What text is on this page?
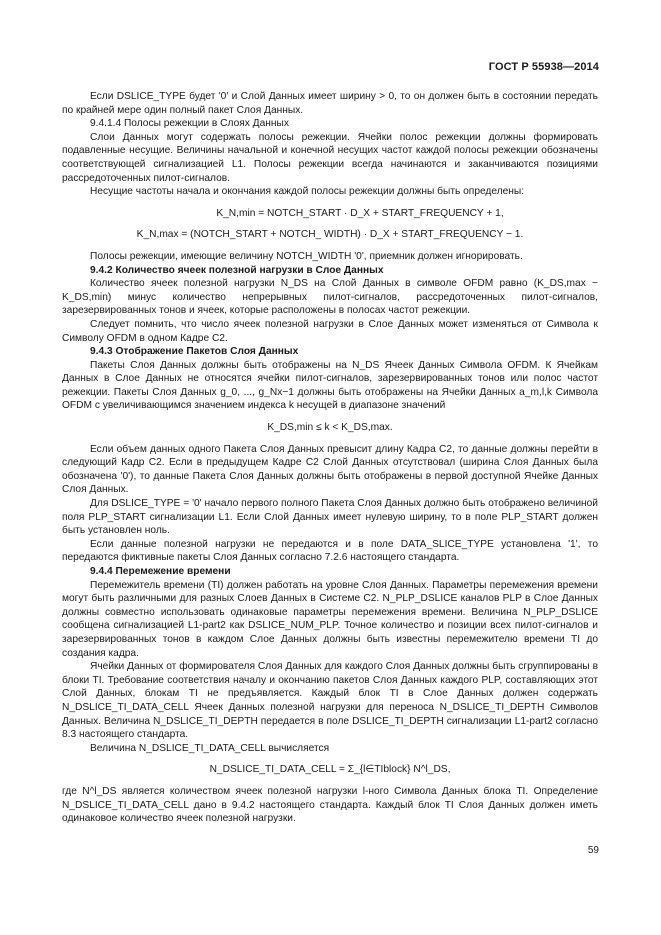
ГОСТ Р 55938—2014

Если DSLICE_TYPE будет '0' и Слой Данных имеет ширину > 0, то он должен быть в состоянии передать по крайней мере один полный пакет Слоя Данных.

9.4.1.4 Полосы режекции в Слоях Данных

Слои Данных могут содержать полосы режекции. Ячейки полос режекции должны формировать подавленные несущие. Величины начальной и конечной несущих частот каждой полосы режекции обозначены соответствующей сигнализацией L1. Полосы режекции всегда начинаются и заканчиваются позициями рассредоточенных пилот-сигналов.

Несущие частоты начала и окончания каждой полосы режекции должны быть определены:

K_N,min = NOTCH_START · D_X + START_FREQUENCY + 1,
K_N,max = (NOTCH_START + NOTCH_ WIDTH) · D_X + START_FREQUENCY − 1.

Полосы режекции, имеющие величину NOTCH_WIDTH '0', приемник должен игнорировать.

9.4.2 Количество ячеек полезной нагрузки в Слое Данных

Количество ячеек полезной нагрузки N_DS на Слой Данных в символе OFDM равно (K_DS,max − K_DS,min) минус количество непрерывных пилот-сигналов, рассредоточенных пилот-сигналов, зарезервированных тонов и ячеек, которые расположены в полосах частот режекции.

Следует помнить, что число ячеек полезной нагрузки в Слое Данных может изменяться от Символа к Символу OFDM в одном Кадре С2.

9.4.3 Отображение Пакетов Слоя Данных

Пакеты Слоя Данных должны быть отображены на N_DS Ячеек Данных Символа OFDM. К Ячейкам Данных в Слое Данных не относятся ячейки пилот-сигналов, зарезервированных тонов или полос частот режекции. Пакеты Слоя Данных g_0, ..., g_Nx−1 должны быть отображены на Ячейки Данных a_m,l,k Символа OFDM с увеличивающимся значением индекса k несущей в диапазоне значений

K_DS,min ≤ k < K_DS,max.

Если объем данных одного Пакета Слоя Данных превысит длину Кадра С2, то данные должны перейти в следующий Кадр С2. Если в предыдущем Кадре С2 Слой Данных отсутствовал (ширина Слоя Данных была обозначена '0'), то данные Пакета Слоя Данных должны быть отображены в первой доступной Ячейке Данных Слоя Данных.

Для DSLICE_TYPE = '0' начало первого полного Пакета Слоя Данных должно быть отображено величиной поля PLP_START сигнализации L1. Если Слой Данных имеет нулевую ширину, то в поле PLP_START должен быть установлен ноль.

Если данные полезной нагрузки не передаются и в поле DATA_SLICE_TYPE установлена '1', то передаются фиктивные пакеты Слоя Данных согласно 7.2.6 настоящего стандарта.

9.4.4 Перемежение времени

Перемежитель времени (TI) должен работать на уровне Слоя Данных. Параметры перемежения времени могут быть различными для разных Слоев Данных в Системе С2. N_PLP_DSLICE каналов PLP в Слое Данных должны совместно использовать одинаковые параметры перемежения времени. Величина N_PLP_DSLICE сообщена сигнализацией L1-part2 как DSLICE_NUM_PLP. Точное количество и позиции всех пилот-сигналов и зарезервированных тонов в каждом Слое Данных должны быть известны перемежителю времени TI до создания кадра.

Ячейки Данных от формирователя Слоя Данных для каждого Слоя Данных должны быть сгруппированы в блоки TI. Требование соответствия началу и окончанию пакетов Слоя Данных каждого PLP, составляющих этот Слой Данных, блокам TI не предъявляется. Каждый блок TI в Слое Данных должен содержать N_DSLICE_TI_DATA_CELL Ячеек Данных полезной нагрузки для переноса N_DSLICE_TI_DEPTH Символов Данных. Величина N_DSLICE_TI_DEPTH передается в поле DSLICE_TI_DEPTH сигнализации L1-part2 согласно 8.3 настоящего стандарта.

Величина N_DSLICE_TI_DATA_CELL вычисляется

N_DSLICE_TI_DATA_CELL = Σ_{l∈TIblock} N^l_DS,

где N^l_DS является количеством ячеек полезной нагрузки l-ного Символа Данных блока TI. Определение N_DSLICE_TI_DATA_CELL дано в 9.4.2 настоящего стандарта. Каждый блок TI Слоя Данных должен иметь одинаковое количество ячеек полезной нагрузки.

59
